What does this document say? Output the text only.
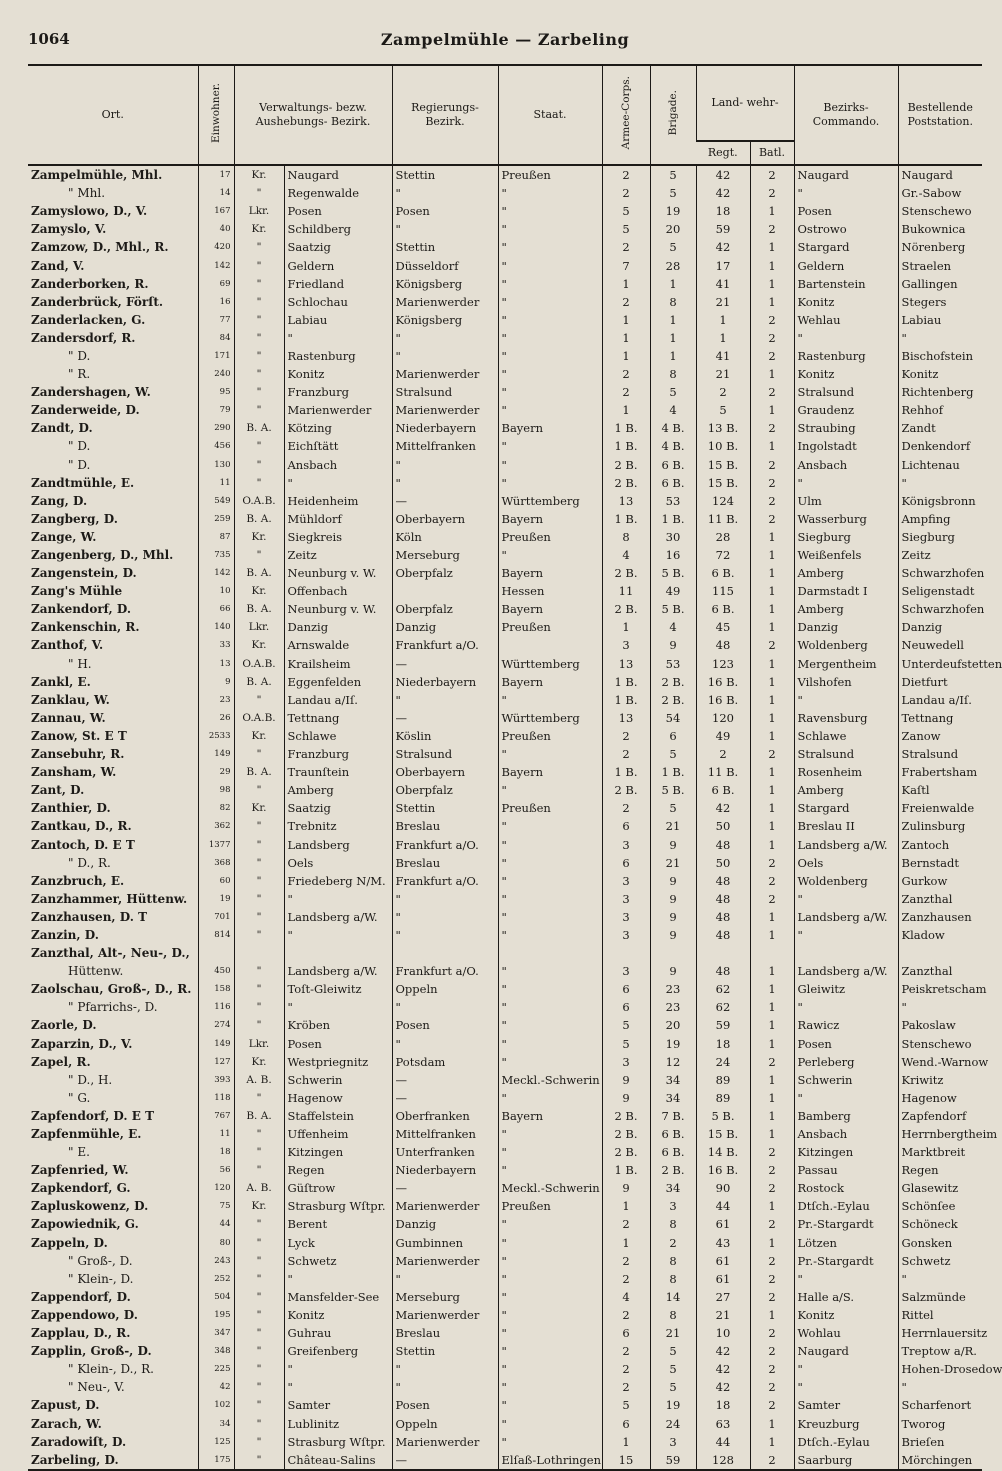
1064	Zampelmühle — Zarbeling
Ort.	Einwohner.	Verwaltungs- bezw. Aushebungs- Bezirk.		Regierungs- Bezirk.	Staat.	Armee-Corps.	Brigade.	Land- wehr-		Bezirks- Commando.	Bestellende Poststation.
								Regt.	Batl.		
Zampelmühle, Mhl.	17	Kr.	Naugard	Stettin	Preußen	2	5	42	2	Naugard	Naugard
" Mhl.	14	"	Regenwalde	"	"	2	5	42	2	"	Gr.-Sabow
Zamyslowo, D., V.	167	Lkr.	Posen	Posen	"	5	19	18	1	Posen	Stenschewo
Zamyslo, V.	40	Kr.	Schildberg	"	"	5	20	59	2	Ostrowo	Bukownica
Zamzow, D., Mhl., R.	420	"	Saatzig	Stettin	"	2	5	42	1	Stargard	Nörenberg
Zand, V.	142	"	Geldern	Düsseldorf	"	7	28	17	1	Geldern	Straelen
Zanderborken, R.	69	"	Friedland	Königsberg	"	1	1	41	1	Bartenstein	Gallingen
Zanderbrück, Förſt.	16	"	Schlochau	Marienwerder	"	2	8	21	1	Konitz	Stegers
Zanderlacken, G.	77	"	Labiau	Königsberg	"	1	1	1	2	Wehlau	Labiau
Zandersdorf, R.	84	"	"	"	"	1	1	1	2	"	"
" D.	171	"	Rastenburg	"	"	1	1	41	2	Rastenburg	Bischofstein
" R.	240	"	Konitz	Marienwerder	"	2	8	21	1	Konitz	Konitz
Zandershagen, W.	95	"	Franzburg	Stralsund	"	2	5	2	2	Stralsund	Richtenberg
Zanderweide, D.	79	"	Marienwerder	Marienwerder	"	1	4	5	1	Graudenz	Rehhof
Zandt, D.	290	B. A.	Kötzing	Niederbayern	Bayern	1 B.	4 B.	13 B.	2	Straubing	Zandt
" D.	456	"	Eichſtätt	Mittelfranken	"	1 B.	4 B.	10 B.	1	Ingolstadt	Denkendorf
" D.	130	"	Ansbach	"	"	2 B.	6 B.	15 B.	2	Ansbach	Lichtenau
Zandtmühle, E.	11	"	"	"	"	2 B.	6 B.	15 B.	2	"	"
Zang, D.	549	O.A.B.	Heidenheim	—	Württemberg	13	53	124	2	Ulm	Königsbronn
Zangberg, D.	259	B. A.	Mühldorf	Oberbayern	Bayern	1 B.	1 B.	11 B.	2	Wasserburg	Ampfing
Zange, W.	87	Kr.	Siegkreis	Köln	Preußen	8	30	28	1	Siegburg	Siegburg
Zangenberg, D., Mhl.	735	"	Zeitz	Merseburg	"	4	16	72	1	Weißenfels	Zeitz
Zangenstein, D.	142	B. A.	Neunburg v. W.	Oberpfalz	Bayern	2 B.	5 B.	6 B.	1	Amberg	Schwarzhofen
Zang's Mühle	10	Kr.	Offenbach		Hessen	11	49	115	1	Darmstadt I	Seligenstadt
Zankendorf, D.	66	B. A.	Neunburg v. W.	Oberpfalz	Bayern	2 B.	5 B.	6 B.	1	Amberg	Schwarzhofen
Zankenschin, R.	140	Lkr.	Danzig	Danzig	Preußen	1	4	45	1	Danzig	Danzig
Zanthof, V.	33	Kr.	Arnswalde	Frankfurt a/O.		3	9	48	2	Woldenberg	Neuwedell
" H.	13	O.A.B.	Krailsheim	—	Württemberg	13	53	123	1	Mergentheim	Unterdeufstetten
Zankl, E.	9	B. A.	Eggenfelden	Niederbayern	Bayern	1 B.	2 B.	16 B.	1	Vilshofen	Dietfurt
Zanklau, W.	23	"	Landau a/Iſ.	"	"	1 B.	2 B.	16 B.	1	"	Landau a/Iſ.
Zannau, W.	26	O.A.B.	Tettnang	—	Württemberg	13	54	120	1	Ravensburg	Tettnang
Zanow, St. E T	2533	Kr.	Schlawe	Köslin	Preußen	2	6	49	1	Schlawe	Zanow
Zansebuhr, R.	149	"	Franzburg	Stralsund	"	2	5	2	2	Stralsund	Stralsund
Zansham, W.	29	B. A.	Traunſtein	Oberbayern	Bayern	1 B.	1 B.	11 B.	1	Rosenheim	Frabertsham
Zant, D.	98	"	Amberg	Oberpfalz	"	2 B.	5 B.	6 B.	1	Amberg	Kaſtl
Zanthier, D.	82	Kr.	Saatzig	Stettin	Preußen	2	5	42	1	Stargard	Freienwalde
Zantkau, D., R.	362	"	Trebnitz	Breslau	"	6	21	50	1	Breslau II	Zulinsburg
Zantoch, D. E T	1377	"	Landsberg	Frankfurt a/O.	"	3	9	48	1	Landsberg a/W.	Zantoch
" D., R.	368	"	Oels	Breslau	"	6	21	50	2	Oels	Bernstadt
Zanzbruch, E.	60	"	Friedeberg N/M.	Frankfurt a/O.	"	3	9	48	2	Woldenberg	Gurkow
Zanzhammer, Hüttenw.	19	"	"	"	"	3	9	48	2	"	Zanzthal
Zanzhausen, D. T	701	"	Landsberg a/W.	"	"	3	9	48	1	Landsberg a/W.	Zanzhausen
Zanzin, D.	814	"	"	"	"	3	9	48	1	"	Kladow
Zanzthal, Alt-, Neu-, D.,											
Hüttenw.	450	"	Landsberg a/W.	Frankfurt a/O.	"	3	9	48	1	Landsberg a/W.	Zanzthal
Zaolschau, Groß-, D., R.	158	"	Toſt-Gleiwitz	Oppeln	"	6	23	62	1	Gleiwitz	Peiskretscham
" Pfarrichs-, D.	116	"	"	"	"	6	23	62	1	"	"
Zaorle, D.	274	"	Kröben	Posen	"	5	20	59	1	Rawicz	Pakoslaw
Zaparzin, D., V.	149	Lkr.	Posen	"	"	5	19	18	1	Posen	Stenschewo
Zapel, R.	127	Kr.	Westpriegnitz	Potsdam	"	3	12	24	2	Perleberg	Wend.-Warnow
" D., H.	393	A. B.	Schwerin	—	Meckl.-Schwerin	9	34	89	1	Schwerin	Kriwitz
" G.	118	"	Hagenow	—	"	9	34	89	1	"	Hagenow
Zapfendorf, D. E T	767	B. A.	Staffelstein	Oberfranken	Bayern	2 B.	7 B.	5 B.	1	Bamberg	Zapfendorf
Zapfenmühle, E.	11	"	Uffenheim	Mittelfranken	"	2 B.	6 B.	15 B.	1	Ansbach	Herrnbergtheim
" E.	18	"	Kitzingen	Unterfranken	"	2 B.	6 B.	14 B.	2	Kitzingen	Marktbreit
Zapfenried, W.	56	"	Regen	Niederbayern	"	1 B.	2 B.	16 B.	2	Passau	Regen
Zapkendorf, G.	120	A. B.	Güſtrow	—	Meckl.-Schwerin	9	34	90	2	Rostock	Glasewitz
Zapluskowenz, D.	75	Kr.	Strasburg Wſtpr.	Marienwerder	Preußen	1	3	44	1	Dtſch.-Eylau	Schönſee
Zapowiednik, G.	44	"	Berent	Danzig	"	2	8	61	2	Pr.-Stargardt	Schöneck
Zappeln, D.	80	"	Lyck	Gumbinnen	"	1	2	43	1	Lötzen	Gonsken
" Groß-, D.	243	"	Schwetz	Marienwerder	"	2	8	61	2	Pr.-Stargardt	Schwetz
" Klein-, D.	252	"	"	"	"	2	8	61	2	"	"
Zappendorf, D.	504	"	Mansfelder-See	Merseburg	"	4	14	27	2	Halle a/S.	Salzmünde
Zappendowo, D.	195	"	Konitz	Marienwerder	"	2	8	21	1	Konitz	Rittel
Zapplau, D., R.	347	"	Guhrau	Breslau	"	6	21	10	2	Wohlau	Herrnlauersitz
Zapplin, Groß-, D.	348	"	Greifenberg	Stettin	"	2	5	42	2	Naugard	Treptow a/R.
" Klein-, D., R.	225	"	"	"	"	2	5	42	2	"	Hohen-Drosedow
" Neu-, V.	42	"	"	"	"	2	5	42	2	"	"
Zapust, D.	102	"	Samter	Posen	"	5	19	18	2	Samter	Scharfenort
Zarach, W.	34	"	Lublinitz	Oppeln	"	6	24	63	1	Kreuzburg	Tworog
Zaradowiſt, D.	125	"	Strasburg Wſtpr.	Marienwerder	"	1	3	44	1	Dtſch.-Eylau	Brieſen
Zarbeling, D.	175	"	Château-Salins	—	Elſaß-Lothringen	15	59	128	2	Saarburg	Mörchingen
